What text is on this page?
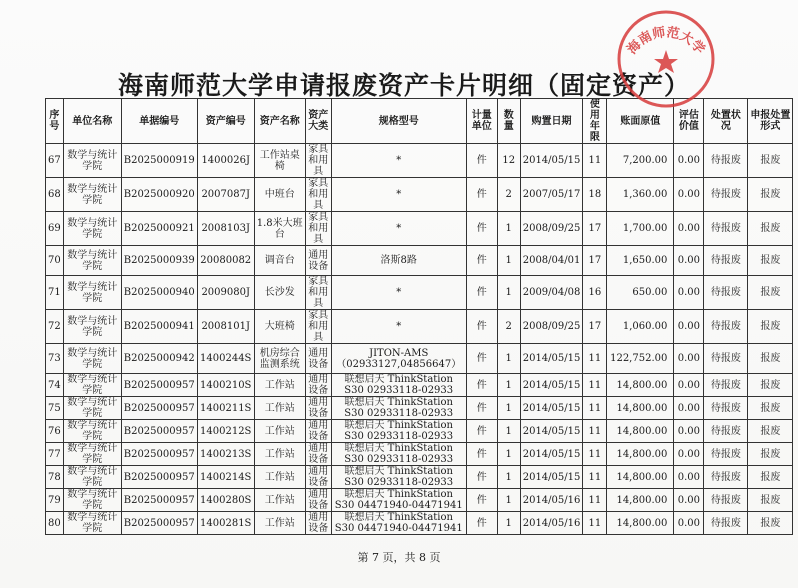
海南师范大学申请报废资产卡片明细（固定资产）
序号	单位名称	单据编号	资产编号	资产名称	资产大类	规格型号	计量单位	数量	购置日期	使用年限	账面原值	评估价值	处置状况	申报处置形式
67	数学与统计学院	B2025000919	1400026J	工作站桌椅	家具和用具	*	件	12	2014/05/15	11	7,200.00	0.00	待报废	报废
68	数学与统计学院	B2025000920	2007087J	中班台	家具和用具	*	件	2	2007/05/17	18	1,360.00	0.00	待报废	报废
69	数学与统计学院	B2025000921	2008103J	1.8米大班台	家具和用具	*	件	1	2008/09/25	17	1,700.00	0.00	待报废	报废
70	数学与统计学院	B2025000939	20080082	调音台	通用设备	洛斯8路	件	1	2008/04/01	17	1,650.00	0.00	待报废	报废
71	数学与统计学院	B2025000940	2009080J	长沙发	家具和用具	*	件	1	2009/04/08	16	650.00	0.00	待报废	报废
72	数学与统计学院	B2025000941	2008101J	大班椅	家具和用具	*	件	2	2008/09/25	17	1,060.00	0.00	待报废	报废
73	数学与统计学院	B2025000942	1400244S	机房综合监测系统	通用设备	JITON-AMS（02933127,04856647）	件	1	2014/05/15	11	122,752.00	0.00	待报废	报废
74	数学与统计学院	B2025000957	1400210S	工作站	通用设备	联想启天 ThinkStation S30 02933118-02933	件	1	2014/05/15	11	14,800.00	0.00	待报废	报废
75	数学与统计学院	B2025000957	1400211S	工作站	通用设备	联想启天 ThinkStation S30 02933118-02933	件	1	2014/05/15	11	14,800.00	0.00	待报废	报废
76	数学与统计学院	B2025000957	1400212S	工作站	通用设备	联想启天 ThinkStation S30 02933118-02933	件	1	2014/05/15	11	14,800.00	0.00	待报废	报废
77	数学与统计学院	B2025000957	1400213S	工作站	通用设备	联想启天 ThinkStation S30 02933118-02933	件	1	2014/05/15	11	14,800.00	0.00	待报废	报废
78	数学与统计学院	B2025000957	1400214S	工作站	通用设备	联想启天 ThinkStation S30 02933118-02933	件	1	2014/05/15	11	14,800.00	0.00	待报废	报废
79	数学与统计学院	B2025000957	1400280S	工作站	通用设备	联想启天 ThinkStation S30 04471940-04471941	件	1	2014/05/16	11	14,800.00	0.00	待报废	报废
80	数学与统计学院	B2025000957	1400281S	工作站	通用设备	联想启天 ThinkStation S30 04471940-04471941	件	1	2014/05/16	11	14,800.00	0.00	待报废	报废
第 7 页，共 8 页
海南师范大学
